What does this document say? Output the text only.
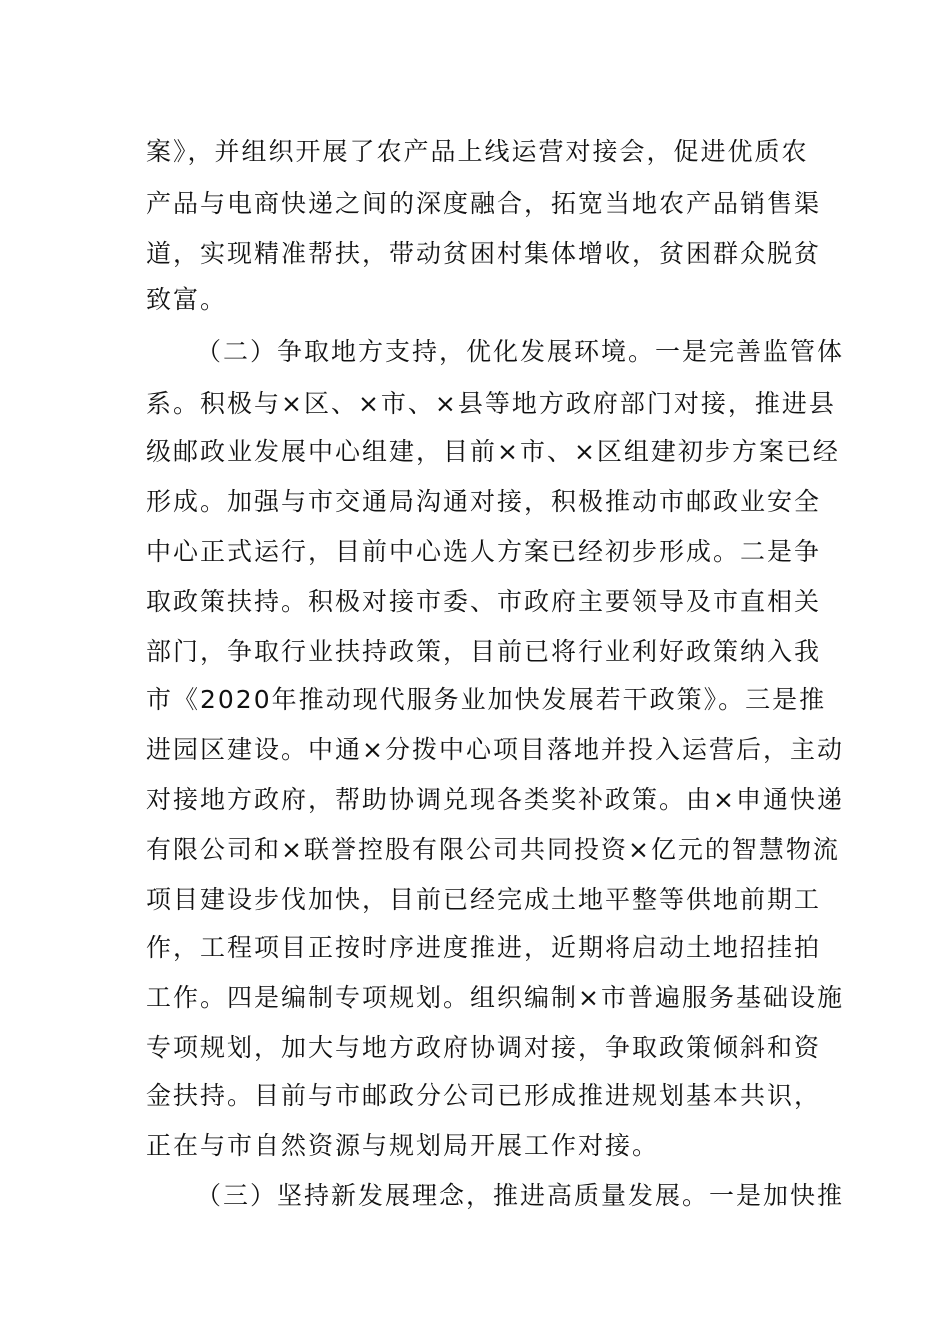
案》，并组织开展了农产品上线运营对接会，促进优质农
产品与电商快递之间的深度融合，拓宽当地农产品销售渠
道，实现精准帮扶，带动贫困村集体增收，贫困群众脱贫
致富。
（二）争取地方支持，优化发展环境。一是完善监管体
系。积极与×区、×市、×县等地方政府部门对接，推进县
级邮政业发展中心组建，目前×市、×区组建初步方案已经
形成。加强与市交通局沟通对接，积极推动市邮政业安全
中心正式运行，目前中心选人方案已经初步形成。二是争
取政策扶持。积极对接市委、市政府主要领导及市直相关
部门，争取行业扶持政策，目前已将行业利好政策纳入我
市《2020年推动现代服务业加快发展若干政策》。三是推
进园区建设。中通×分拨中心项目落地并投入运营后，主动
对接地方政府，帮助协调兑现各类奖补政策。由×申通快递
有限公司和×联誉控股有限公司共同投资×亿元的智慧物流
项目建设步伐加快，目前已经完成土地平整等供地前期工
作，工程项目正按时序进度推进，近期将启动土地招挂拍
工作。四是编制专项规划。组织编制×市普遍服务基础设施
专项规划，加大与地方政府协调对接，争取政策倾斜和资
金扶持。目前与市邮政分公司已形成推进规划基本共识，
正在与市自然资源与规划局开展工作对接。
（三）坚持新发展理念，推进高质量发展。一是加快推
